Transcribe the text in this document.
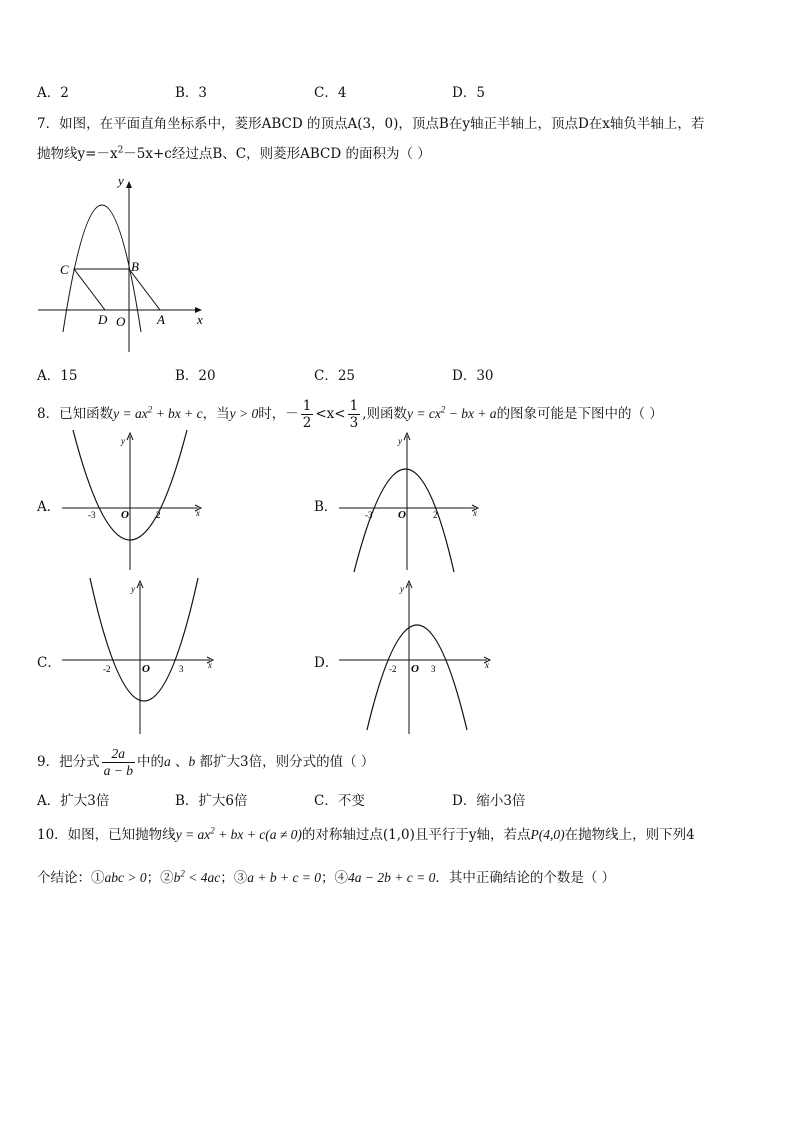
A．2	B．3	C．4	D．5
7．如图，在平面直角坐标系中，菱形ABCD 的顶点A(3，0)，顶点B在y轴正半轴上，顶点D在x轴负半轴上，若
抛物线$y=-x^2-5x+c$经过点B、C，则菱形ABCD 的面积为（ ）
y
x
C	B
D O A
A．15	B．20	C．25	D．30
8．已知函数$y = ax^2$ + bx + c，当y > 0时，－ $\frac{1}{2} <x< \frac{1}{3}$ ,则函数$y = cx^2$ − bx + a的图象可能是下图中的（ ）
A．
y
x
O
-3	2	B．
y
x
O
-3	2
C．
y
x
O
-2	3	D．
y
x
O
-2	3
9．把分式 $\frac{2a}{a - b}$ 中的a 、b 都扩大3倍，则分式的值（ ）
A．扩大3倍	B．扩大6倍	C．不变	D．缩小3倍
10．如图，已知抛物线$y = ax^2$ + bx + c(a ≠ 0)的对称轴过点(1,0)且平行于y轴，若点P(4,0)在抛物线上，则下列4
个结论：①abc > 0；$②b^2 < 4ac$；③a + b + c = 0；④4a − 2b + c = 0．其中正确结论的个数是（ ）
